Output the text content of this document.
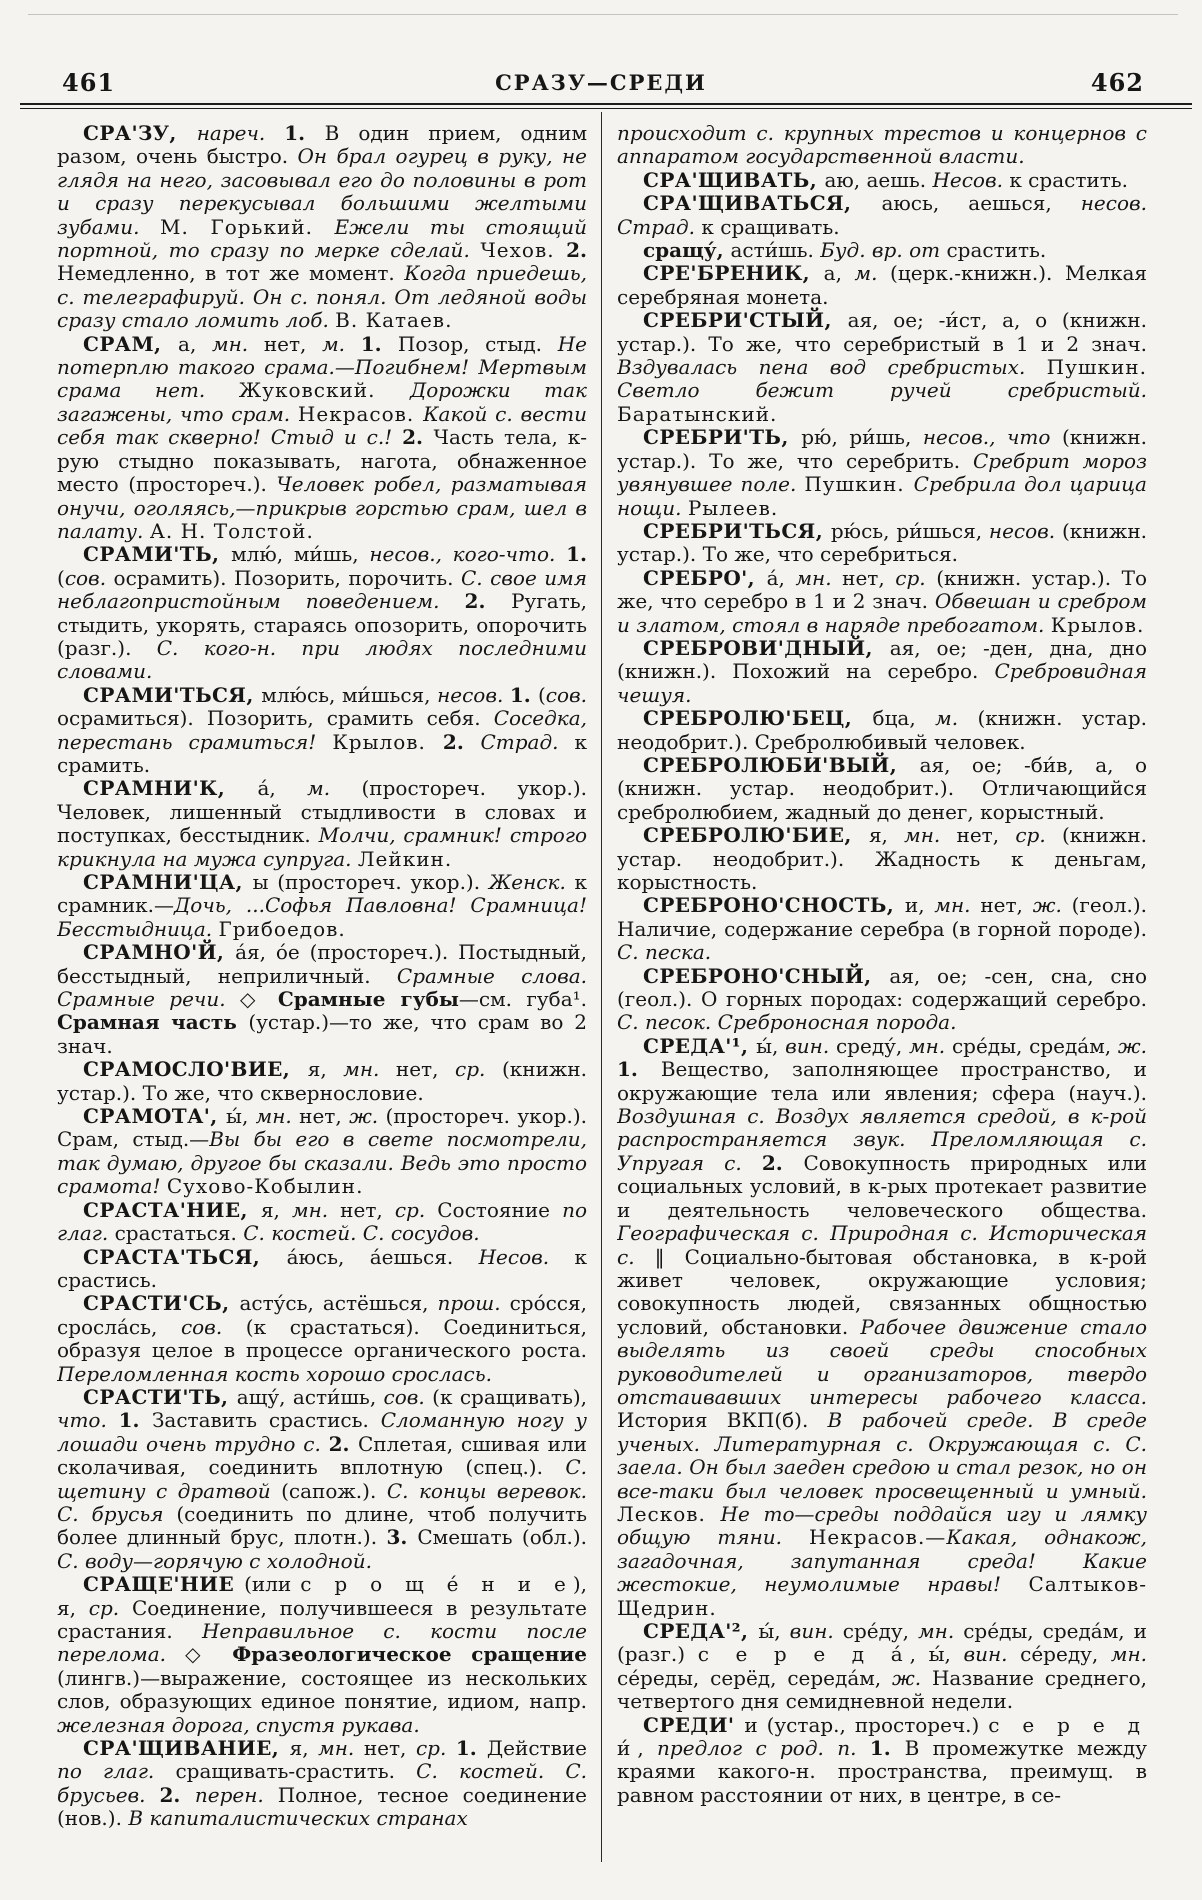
461	СРАЗУ—СРЕДИ	462

СРА'ЗУ, нареч. 1. В один прием, одним разом, очень быстро. Он брал огурец в руку, не глядя на него, засовывал его до половины в рот и сразу перекусывал большими желтыми зубами. М. Горький. Ежели ты стоящий портной, то сразу по мерке сделай. Чехов. 2. Немедленно, в тот же момент. Когда приедешь, с. телеграфируй. Он с. понял. От ледяной воды сразу стало ломить лоб. В. Катаев.

СРАМ, а, мн. нет, м. 1. Позор, стыд. Не потерплю такого срама.—Погибнем! Мертвым срама нет. Жуковский. Дорожки так загажены, что срам. Некрасов. Какой с. вести себя так скверно! Стыд и с.! 2. Часть тела, к-рую стыдно показывать, нагота, обнаженное место (простореч.). Человек робел, разматывая онучи, оголяясь,—прикрыв горстью срам, шел в палату. А. Н. Толстой.

СРАМИ'ТЬ, млю́, ми́шь, несов., кого-что. 1. (сов. осрамить). Позорить, порочить. С. свое имя неблагопристойным поведением. 2. Ругать, стыдить, укорять, стараясь опозорить, опорочить (разг.). С. кого-н. при людях последними словами.

СРАМИ'ТЬСЯ, млю́сь, ми́шься, несов. 1. (сов. осрамиться). Позорить, срамить себя. Соседка, перестань срамиться! Крылов. 2. Страд. к срамить.

СРАМНИ'К, а́, м. (простореч. укор.). Человек, лишенный стыдливости в словах и поступках, бесстыдник. Молчи, срамник! строго крикнула на мужа супруга. Лейкин.

СРАМНИ'ЦА, ы (простореч. укор.). Женск. к срамник.—Дочь, ...Софья Павловна! Срамница! Бесстыдница. Грибоедов.

СРАМНО'Й, а́я, о́е (простореч.). Постыдный, бесстыдный, неприличный. Срамные слова. Срамные речи. ◇ Срамные губы—см. губа¹. Срамная часть (устар.)—то же, что срам во 2 знач.

СРАМОСЛО'ВИЕ, я, мн. нет, ср. (книжн. устар.). То же, что сквернословие.

СРАМОТА', ы́, мн. нет, ж. (простореч. укор.). Срам, стыд.—Вы бы его в свете посмотрели, так думаю, другое бы сказали. Ведь это просто срамота! Сухово-Кобылин.

СРАСТА'НИЕ, я, мн. нет, ср. Состояние по глаг. срастаться. С. костей. С. сосудов.

СРАСТА'ТЬСЯ, а́юсь, а́ешься. Несов. к срастись.

СРАСТИ'СЬ, асту́сь, астёшься, прош. сро́сся, сросла́сь, сов. (к срастаться). Соединиться, образуя целое в процессе органического роста. Переломленная кость хорошо срослась.

СРАСТИ'ТЬ, ащу́, асти́шь, сов. (к сращивать), что. 1. Заставить срастись. Сломанную ногу у лошади очень трудно с. 2. Сплетая, сшивая или сколачивая, соединить вплотную (спец.). С. щетину с дратвой (сапож.). С. концы веревок. С. брусья (соединить по длине, чтоб получить более длинный брус, плотн.). 3. Смешать (обл.). С. воду—горячую с холодной.

СРАЩЕ'НИЕ (или с р о щ е́ н и е), я, ср. Соединение, получившееся в результате срастания. Неправильное с. кости после перелома. ◇ Фразеологическое сращение (лингв.)—выражение, состоящее из нескольких слов, образующих единое понятие, идиом, напр. железная дорога, спустя рукава.

СРА'ЩИВАНИЕ, я, мн. нет, ср. 1. Действие по глаг. сращивать-срастить. С. костей. С. брусьев. 2. перен. Полное, тесное соединение (нов.). В капиталистических странах

происходит с. крупных трестов и концернов с аппаратом государственной власти.

СРА'ЩИВАТЬ, аю, аешь. Несов. к срастить.

СРА'ЩИВАТЬСЯ, аюсь, аешься, несов. Страд. к сращивать.

сращу́, асти́шь. Буд. вр. от срастить.

СРЕ'БРЕНИК, а, м. (церк.-книжн.). Мелкая серебряная монета.

СРЕБРИ'СТЫЙ, ая, ое; -и́ст, а, о (книжн. устар.). То же, что серебристый в 1 и 2 знач. Вздувалась пена вод сребристых. Пушкин. Светло бежит ручей сребристый. Баратынский.

СРЕБРИ'ТЬ, рю́, ри́шь, несов., что (книжн. устар.). То же, что серебрить. Сребрит мороз увянувшее поле. Пушкин. Сребрила дол царица нощи. Рылеев.

СРЕБРИ'ТЬСЯ, рю́сь, ри́шься, несов. (книжн. устар.). То же, что серебриться.

СРЕБРО', а́, мн. нет, ср. (книжн. устар.). То же, что серебро в 1 и 2 знач. Обвешан и сребром и златом, стоял в наряде пребогатом. Крылов.

СРЕБРОВИ'ДНЫЙ, ая, ое; -ден, дна, дно (книжн.). Похожий на серебро. Сребровидная чешуя.

СРЕБРОЛЮ'БЕЦ, бца, м. (книжн. устар. неодобрит.). Сребролюбивый человек.

СРЕБРОЛЮБИ'ВЫЙ, ая, ое; -би́в, а, о (книжн. устар. неодобрит.). Отличающийся сребролюбием, жадный до денег, корыстный.

СРЕБРОЛЮ'БИЕ, я, мн. нет, ср. (книжн. устар. неодобрит.). Жадность к деньгам, корыстность.

СРЕБРОНО'СНОСТЬ, и, мн. нет, ж. (геол.). Наличие, содержание серебра (в горной породе). С. песка.

СРЕБРОНО'СНЫЙ, ая, ое; -сен, сна, сно (геол.). О горных породах: содержащий серебро. С. песок. Среброносная порода.

СРЕДА'¹, ы́, вин. среду́, мн. сре́ды, среда́м, ж. 1. Вещество, заполняющее пространство, и окружающие тела или явления; сфера (науч.). Воздушная с. Воздух является средой, в к-рой распространяется звук. Преломляющая с. Упругая с. 2. Совокупность природных или социальных условий, в к-рых протекает развитие и деятельность человеческого общества. Географическая с. Природная с. Историческая с. ‖ Социально-бытовая обстановка, в к-рой живет человек, окружающие условия; совокупность людей, связанных общностью условий, обстановки. Рабочее движение стало выделять из своей среды способных руководителей и организаторов, твердо отстаивавших интересы рабочего класса. История ВКП(б). В рабочей среде. В среде ученых. Литературная с. Окружающая с. С. заела. Он был заеден средою и стал резок, но он все-таки был человек просвещенный и умный. Лесков. Не то—среды поддайся игу и лямку общую тяни. Некрасов.—Какая, однакож, загадочная, запутанная среда! Какие жестокие, неумолимые нравы! Салтыков-Щедрин.

СРЕДА'², ы́, вин. сре́ду, мн. сре́ды, среда́м, и (разг.) с е р е д а́, ы́, вин. се́реду, мн. се́реды, серёд, середа́м, ж. Название среднего, четвертого дня семидневной недели.

СРЕДИ' и (устар., простореч.) с е р е д и́, предлог с род. п. 1. В промежутке между краями какого-н. пространства, преимущ. в равном расстоянии от них, в центре, в се-
